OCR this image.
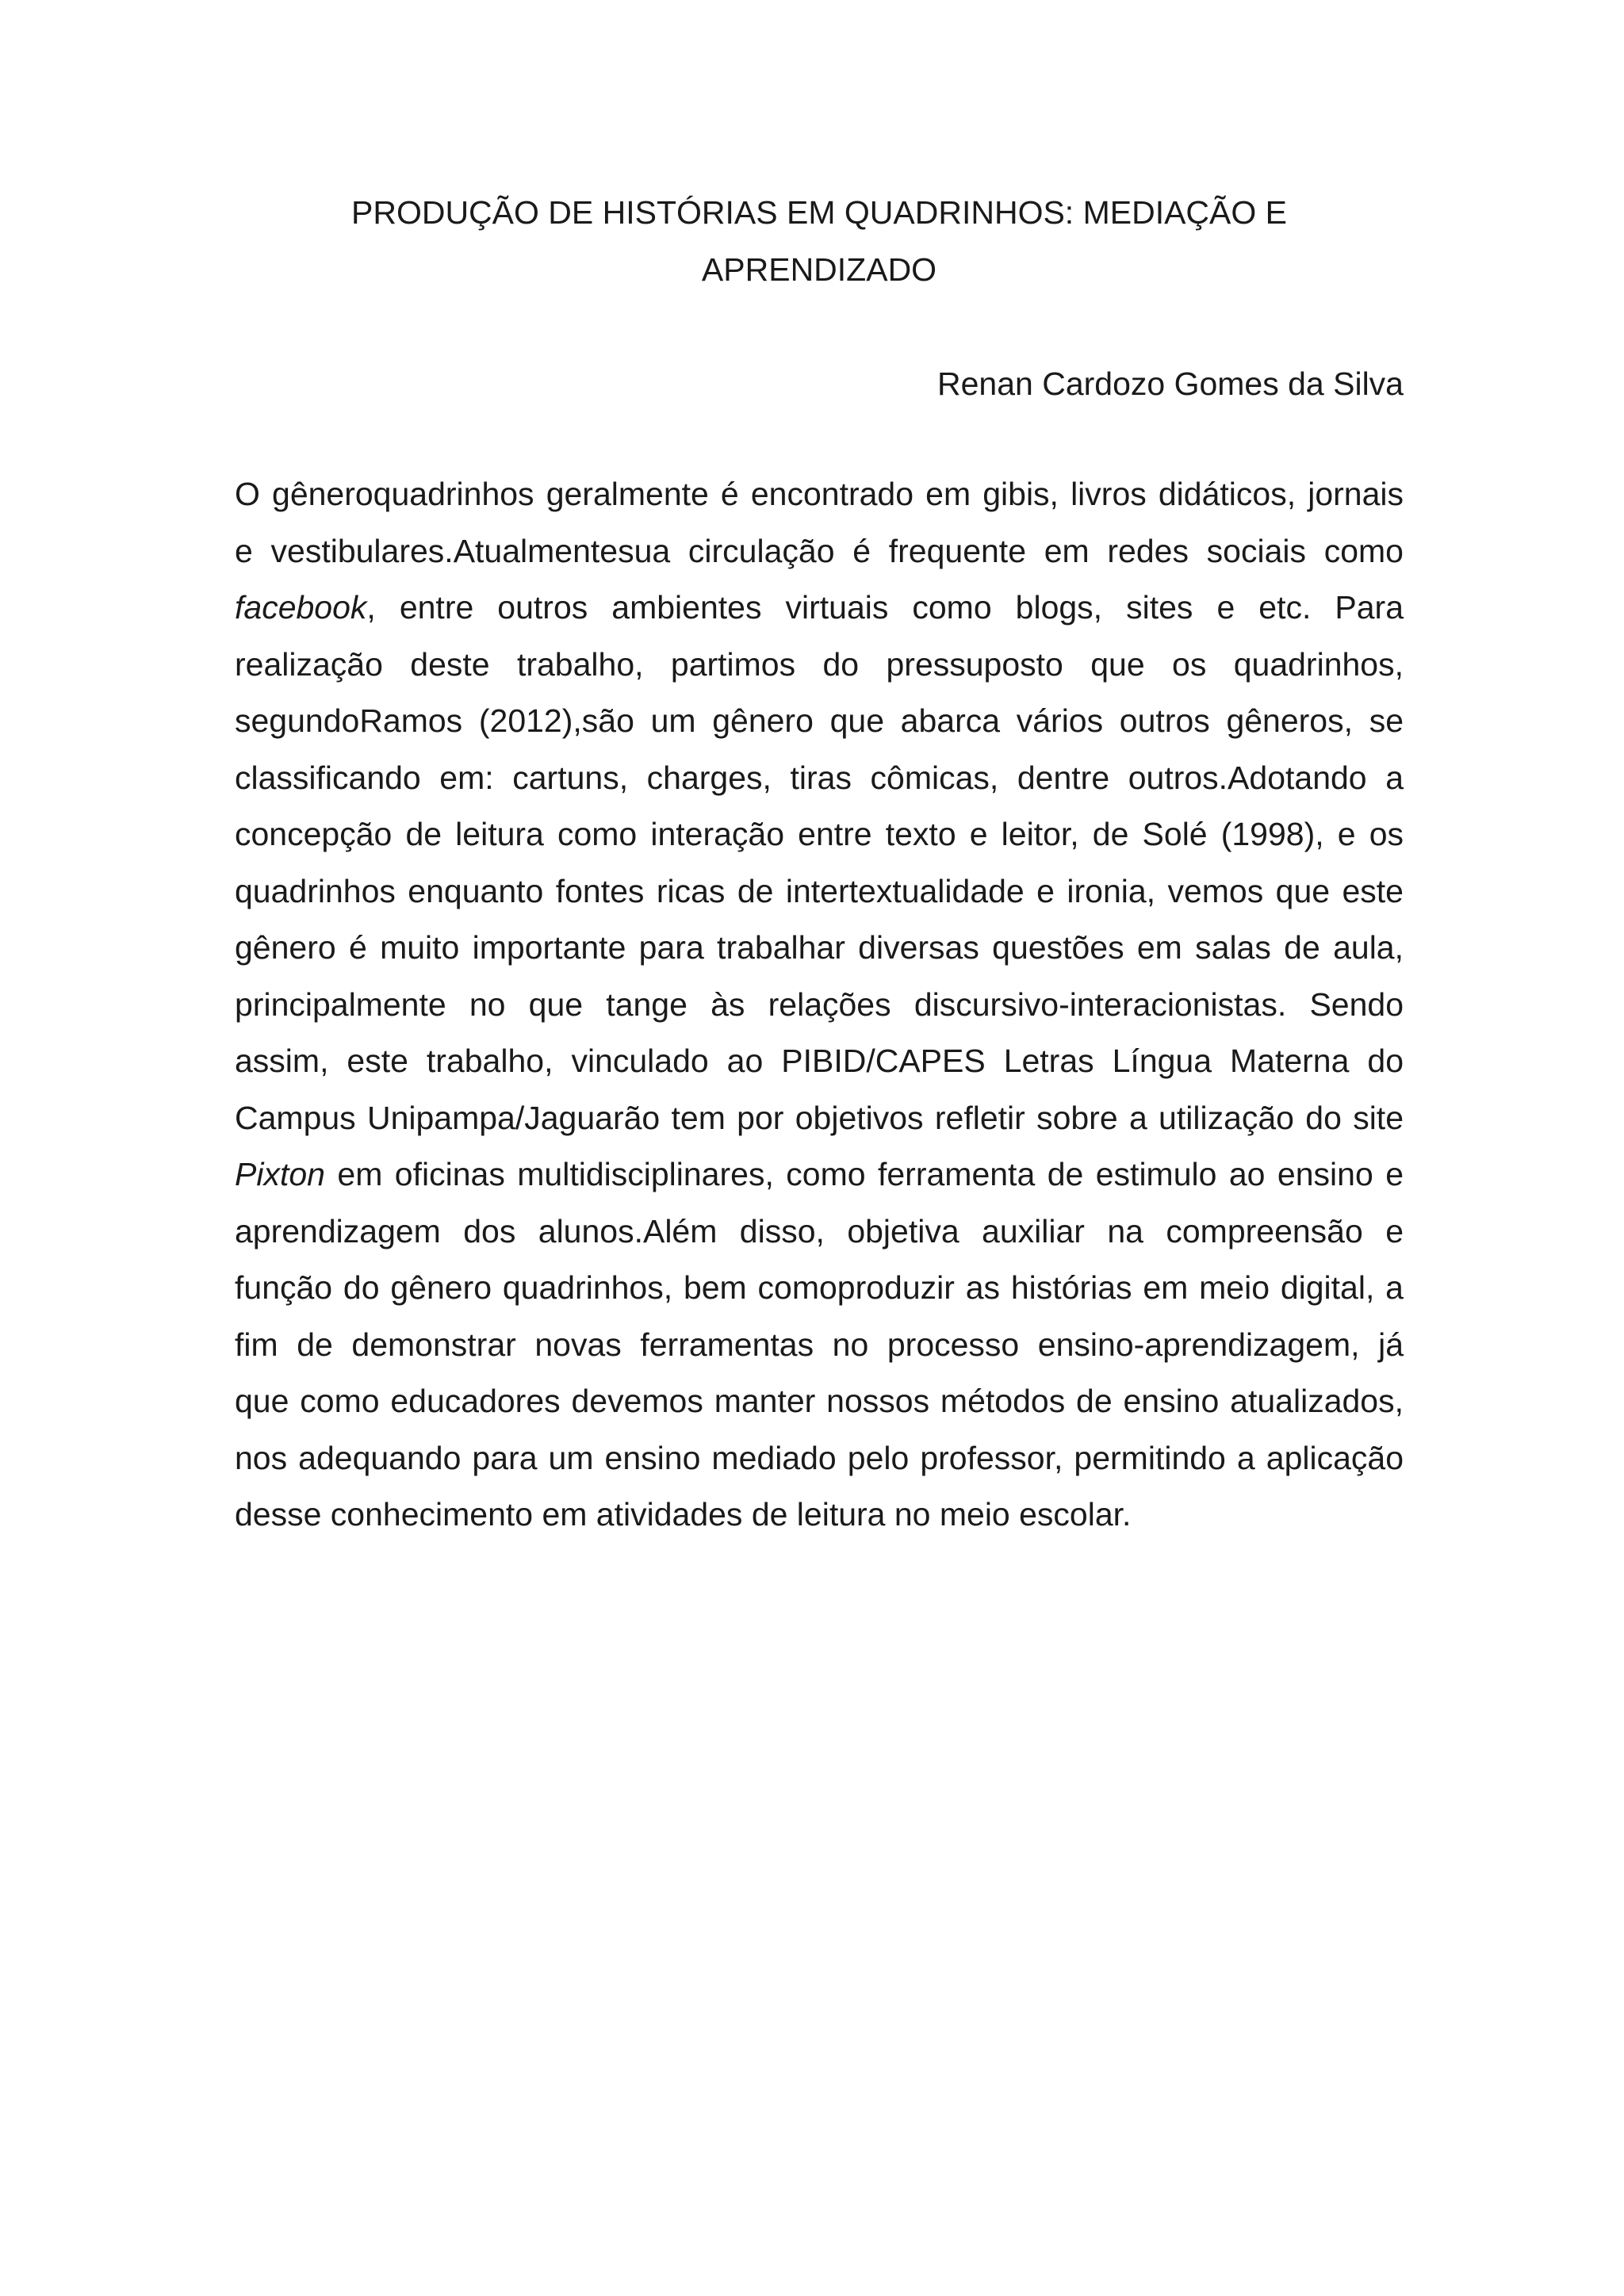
PRODUÇÃO DE HISTÓRIAS EM QUADRINHOS: MEDIAÇÃO E
APRENDIZADO

Renan Cardozo Gomes da Silva

O gêneroquadrinhos geralmente é encontrado em gibis, livros didáticos, jornais
e vestibulares.Atualmentesua circulação é frequente em redes sociais como
facebook, entre outros ambientes virtuais como blogs, sites e etc. Para
realização deste trabalho, partimos do pressuposto que os quadrinhos,
segundoRamos (2012),são um gênero que abarca vários outros gêneros, se
classificando em: cartuns, charges, tiras cômicas, dentre outros.Adotando a
concepção de leitura como interação entre texto e leitor, de Solé (1998), e os
quadrinhos enquanto fontes ricas de intertextualidade e ironia, vemos que este
gênero é muito importante para trabalhar diversas questões em salas de aula,
principalmente no que tange às relações discursivo-interacionistas. Sendo
assim, este trabalho, vinculado ao PIBID/CAPES Letras Língua Materna do
Campus Unipampa/Jaguarão tem por objetivos refletir sobre a utilização do site
Pixton em oficinas multidisciplinares, como ferramenta de estimulo ao ensino e
aprendizagem dos alunos.Além disso, objetiva auxiliar na compreensão e
função do gênero quadrinhos, bem comoproduzir as histórias em meio digital, a
fim de demonstrar novas ferramentas no processo ensino-aprendizagem, já
que como educadores devemos manter nossos métodos de ensino atualizados,
nos adequando para um ensino mediado pelo professor, permitindo a aplicação
desse conhecimento em atividades de leitura no meio escolar.
